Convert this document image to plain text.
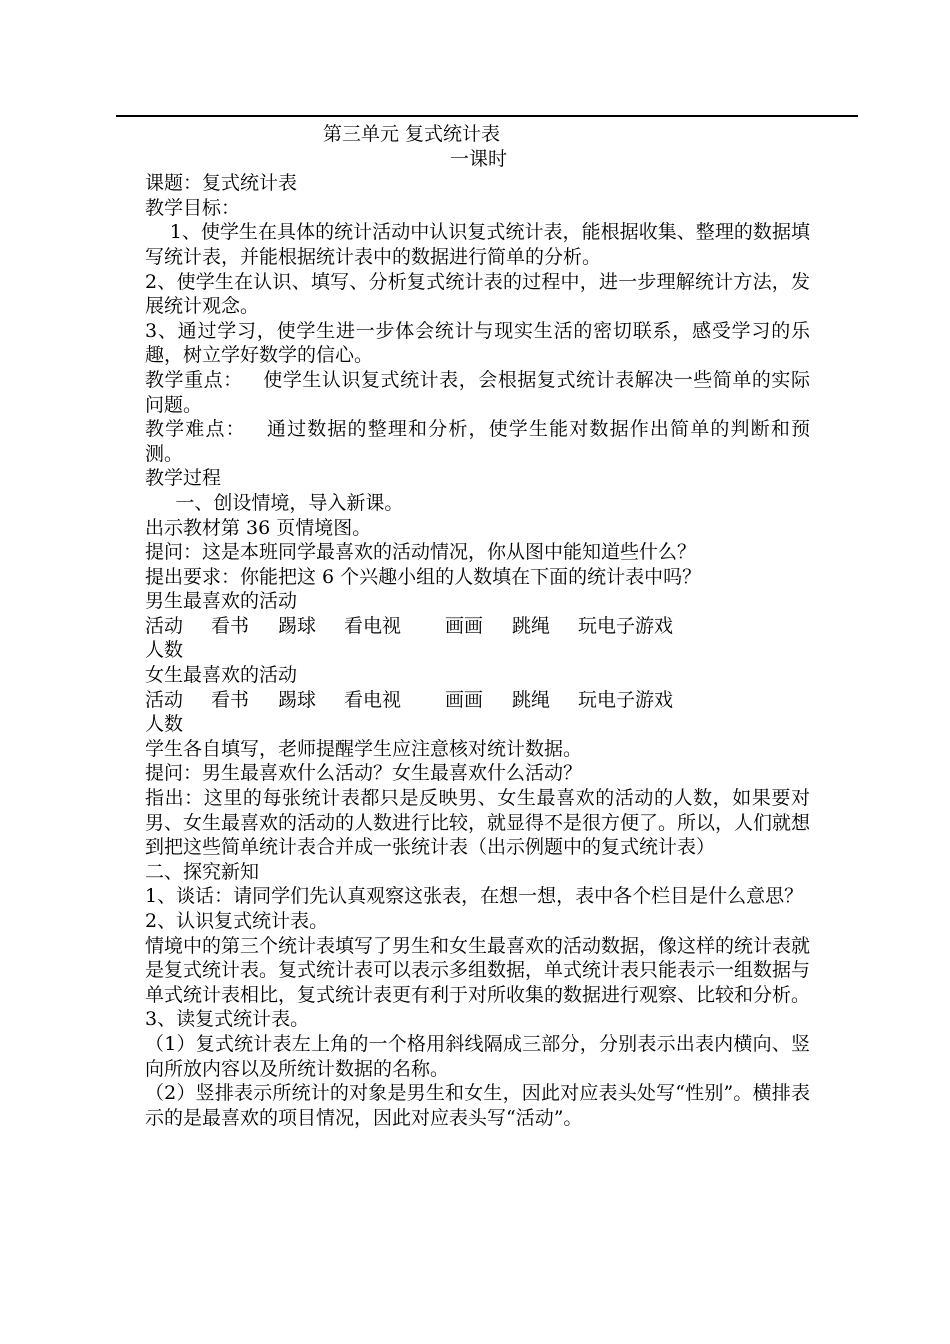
第三单元 复式统计表

一课时

课题：复式统计表

教学目标：

1、使学生在具体的统计活动中认识复式统计表，能根据收集、整理的数据填写统计表，并能根据统计表中的数据进行简单的分析。

2、使学生在认识、填写、分析复式统计表的过程中，进一步理解统计方法，发展统计观念。

3、通过学习，使学生进一步体会统计与现实生活的密切联系，感受学习的乐趣，树立学好数学的信心。

教学重点： 使学生认识复式统计表，会根据复式统计表解决一些简单的实际问题。

教学难点： 通过数据的整理和分析，使学生能对数据作出简单的判断和预测。

教学过程

一、创设情境，导入新课。

出示教材第 36 页情境图。

提问：这是本班同学最喜欢的活动情况，你从图中能知道些什么？

提出要求：你能把这 6 个兴趣小组的人数填在下面的统计表中吗？

男生最喜欢的活动

活动 看书 踢球 看电视 画画 跳绳 玩电子游戏

人数

女生最喜欢的活动

活动 看书 踢球 看电视 画画 跳绳 玩电子游戏

人数

学生各自填写，老师提醒学生应注意核对统计数据。

提问：男生最喜欢什么活动？女生最喜欢什么活动？

指出：这里的每张统计表都只是反映男、女生最喜欢的活动的人数，如果要对男、女生最喜欢的活动的人数进行比较，就显得不是很方便了。所以，人们就想到把这些简单统计表合并成一张统计表（出示例题中的复式统计表）

二、探究新知

1、谈话：请同学们先认真观察这张表，在想一想，表中各个栏目是什么意思？

2、认识复式统计表。

情境中的第三个统计表填写了男生和女生最喜欢的活动数据，像这样的统计表就是复式统计表。复式统计表可以表示多组数据，单式统计表只能表示一组数据与单式统计表相比，复式统计表更有利于对所收集的数据进行观察、比较和分析。

3、读复式统计表。

（1）复式统计表左上角的一个格用斜线隔成三部分，分别表示出表内横向、竖向所放内容以及所统计数据的名称。

（2）竖排表示所统计的对象是男生和女生，因此对应表头处写“性别”。横排表示的是最喜欢的项目情况，因此对应表头写“活动”。
